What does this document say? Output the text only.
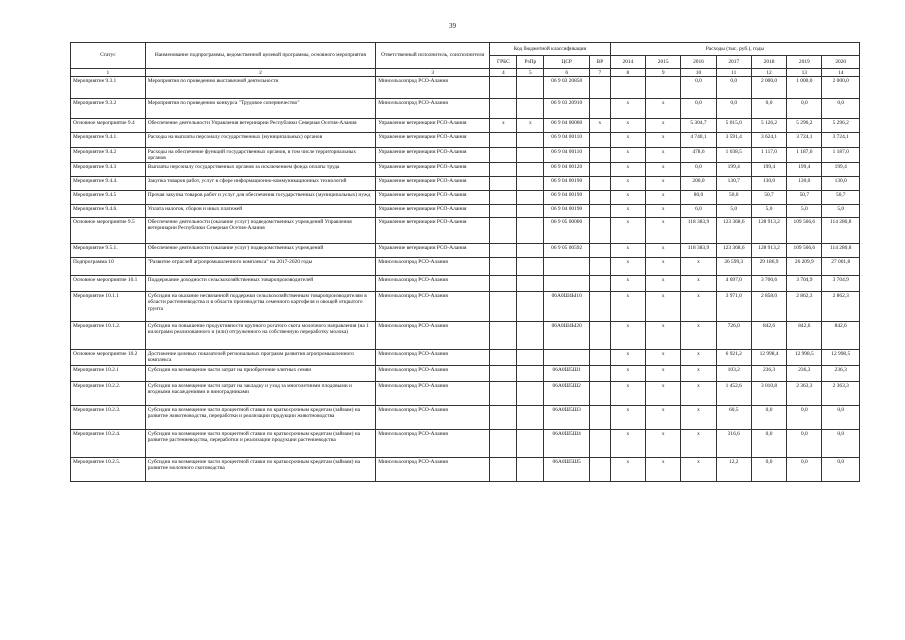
39
Статус	Наименование подпрограммы, ведомственной целевой программы, основного мероприятия	Ответственный исполнитель, соисполнители	Код бюджетной классификации				Расходы (тыс. руб.), годы						
			ГРБС	РзПр	ЦСР	ВР	2014	2015	2016	2017	2018	2019	2020
1	2	3	4	5	6	7	8	9	10	11	12	13	14
Мероприятие 9.3.1	Мероприятия по проведению выставочной деятельности	Минсельхозпрод РСО-Алания			06 9 03 20850				0,0	0,0	2 000,0	1 000,0	2 000,0
Мероприятие 9.3.2	Мероприятия по проведению конкурса "Трудовое соперничество"	Минсельхозпрод РСО-Алания			06 9 03 20910		x	x	0,0	0,0	0,0	0,0	0,0
Основное мероприятие 9.4	Обеспечение деятельности Управления ветеринарии Республики Северная Осетия-Алания	Управление ветеринарии РСО-Алания	x	x	06 9 04 00000	x	x	x	5 304,7	5 015,0	5 126,2	5 296,2	5 296,2
Мероприятие 9.4.1.	Расходы на выплаты персоналу государственных (муниципальных) органов	Управление ветеринарии РСО-Алания			06 9 04 00110		x	x	4 740,1	3 591,4	3 624,1	3 724,1	3 724,1
Мероприятие 9.4.2	Расходы на обеспечение функций государственных органов, в том числе территориальных органов	Управление ветеринарии РСО-Алания			06 9 04 00110		x	x	478,6	1 038,5	1 117,0	1 187,0	1 187,0
Мероприятие 9.4.3	Выплаты персоналу государственных органов за исключением фонда оплаты труда	Управление ветеринарии РСО-Алания			06 9 04 00120		x	x	0,0	199,4	199,4	199,4	199,4
Мероприятие 9.4.4.	Закупка товаров работ, услуг в сфере информационно-коммуникационных технологий	Управление ветеринарии РСО-Алания			06 9 04 00190		x	x	200,0	130,7	130,0	130,0	130,0
Мероприятие 9.4.5	Прочая закупка товаров работ и услуг для обеспечения государственных (муниципальных) нужд	Управление ветеринарии РСО-Алания			06 9 04 00190		x	x	80,0	50,0	50,7	50,7	50,7
Мероприятие 9.4.6.	Уплата налогов, сборов и иных платежей	Управление ветеринарии РСО-Алания			06 9 04 00190		x	x	6,0	5,0	5,0	5,0	5,0
Основное мероприятие 9.5	Обеспечение деятельности (оказание услуг) подведомственных учреждений Управления ветеринарии Республики Северная Осетия-Алания	Управление ветеринарии РСО-Алания			06 9 05 00000		x	x	118 383,9	123 368,6	128 913,2	109 566,6	114 280,8
Мероприятие 9.5.1.	Обеспечение деятельности (оказание услуг) подведомственных учреждений	Управление ветеринарии РСО-Алания			06 9 05 00592		x	x	118 383,9	123 368,6	128 913,2	109 566,6	114 280,8
Подпрограмма 10	"Развитие отраслей агропромышленного комплекса" на 2017-2020 годы	Минсельхозпрод РСО-Алания					x	x	x	26 599,3	29 186,9	26 209,9	27 001,8
Основное мероприятие 10.1	Поддержание доходности сельскохозяйственных товаропроизводителей	Минсельхозпрод РСО-Алания					x	x	x	4 697,0	3 700,6	3 704,9	3 704,9
Мероприятие 10.1.1	Субсидии на оказание несвязанной поддержки сельскохозяйственным товаропроизводителям в области растениеводства и в области производства семенного картофеля и овощей открытого грунта	Минсельхозпрод РСО-Алания			06А0Ш4Ы10		x	x	x	3 971,0	2 858,0	2 862,3	2 862,3
Мероприятие 10.1.2.	Субсидии на повышение продуктивности крупного рогатого скота молочного направления (на 1 килограмм реализованного и (или) отгруженного на собственную переработку молока)	Минсельхозпрод РСО-Алания			06А0Ш4Ы20		x	x	x	726,0	842,6	842,6	842,6
Основное мероприятие 10.2	Достижение целевых показателей региональных программ развития агропромышленного комплекса	Минсельхозпрод РСО-Алания					x	x	x	6 921,2	12 998,4	12 998,5	12 998,5
Мероприятие 10.2.1	Субсидии на возмещение части затрат на приобретение элитных семян	Минсельхозпрод РСО-Алания			06А0Ш5Ш1		x	x	x	103,2	236,3	236,3	236,3
Мероприятие 10.2.2.	Субсидии на возмещение части затрат на закладку и уход за многолетними плодовыми и ягодными насаждениями и виноградниками	Минсельхозпрод РСО-Алания			06А0Ш5Ш2		x	x	x	1 452,6	3 010,8	2 363,3	2 363,3
Мероприятие 10.2.3.	Субсидии на возмещение части процентной ставки по краткосрочным кредитам (займам) на развитие животноводства, переработки и реализации продукции животноводства	Минсельхозпрод РСО-Алания			06А0Ш5Ш3		x	x	x	60,5	0,0	0,0	0,0
Мероприятие 10.2.4.	Субсидии на возмещение части процентной ставки по краткосрочным кредитам (займам) на развитие растениеводства, переработки и реализации продукции растениеводства	Минсельхозпрод РСО-Алания			06А0Ш5Ш4		x	x	x	316,6	0,0	0,0	0,0
Мероприятие 10.2.5.	Субсидии на возмещение части процентной ставки по краткосрочным кредитам (займам) на развитие молочного скотоводства	Минсельхозпрод РСО-Алания			06А0Ш5Ш5		x	x	x	12,2	0,0	0,0	0,0
